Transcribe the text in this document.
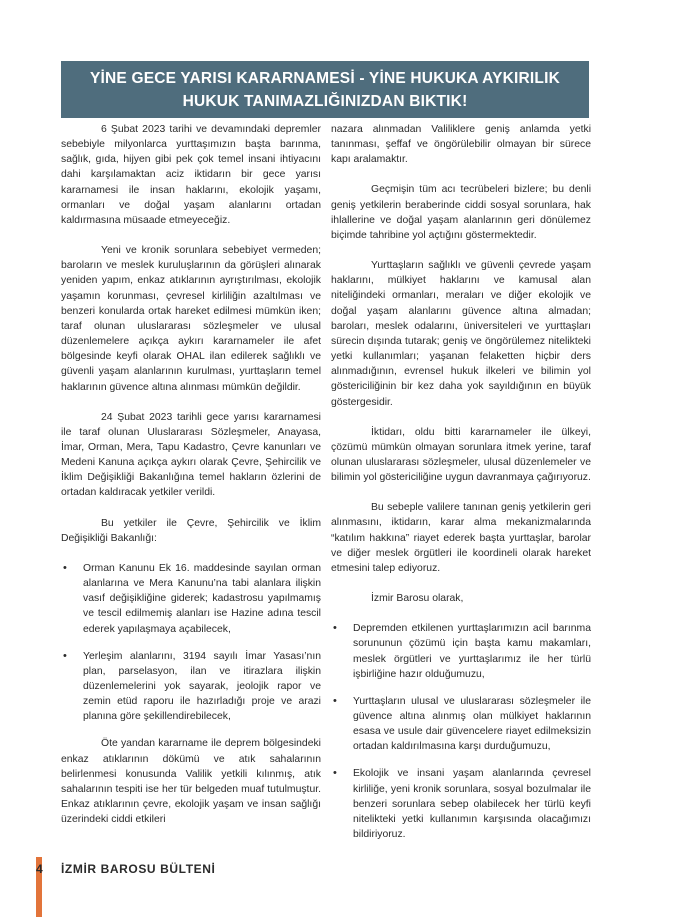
YİNE GECE YARISI KARARNAMESİ - YİNE HUKUKA AYKIRILIK
HUKUK TANIMAZLIĞINIZDAN BIKTIK!

6 Şubat 2023 tarihi ve devamındaki depremler sebebiyle milyonlarca yurttaşımızın başta barınma, sağlık, gıda, hijyen gibi pek çok temel insani ihtiyacını dahi karşılamaktan aciz iktidarın bir gece yarısı kararnamesi ile insan haklarını, ekolojik yaşamı, ormanları ve doğal yaşam alanlarını ortadan kaldırmasına müsaade etmeyeceğiz.

Yeni ve kronik sorunlara sebebiyet vermeden; baroların ve meslek kuruluşlarının da görüşleri alınarak yeniden yapım, enkaz atıklarının ayrıştırılması, ekolojik yaşamın korunması, çevresel kirliliğin azaltılması ve benzeri konularda ortak hareket edilmesi mümkün iken; taraf olunan uluslararası sözleşmeler ve ulusal düzenlemelere açıkça aykırı kararnameler ile afet bölgesinde keyfi olarak OHAL ilan edilerek sağlıklı ve güvenli yaşam alanlarının kurulması, yurttaşların temel haklarının güvence altına alınması mümkün değildir.

24 Şubat 2023 tarihli gece yarısı kararnamesi ile taraf olunan Uluslararası Sözleşmeler, Anayasa, İmar, Orman, Mera, Tapu Kadastro, Çevre kanunları ve Medeni Kanuna açıkça aykırı olarak Çevre, Şehircilik ve İklim Değişikliği Bakanlığına temel hakların özlerini de ortadan kaldıracak yetkiler verildi.

Bu yetkiler ile Çevre, Şehircilik ve İklim Değişikliği Bakanlığı:

• Orman Kanunu Ek 16. maddesinde sayılan orman alanlarına ve Mera Kanunu’na tabi alanlara ilişkin vasıf değişikliğine giderek; kadastrosu yapılmamış ve tescil edilmemiş alanları ise Hazine adına tescil ederek yapılaşmaya açabilecek,
• Yerleşim alanlarını, 3194 sayılı İmar Yasası’nın plan, parselasyon, ilan ve itirazlara ilişkin düzenlemelerini yok sayarak, jeolojik rapor ve zemin etüd raporu ile hazırladığı proje ve arazi planına göre şekillendirebilecek,

Öte yandan kararname ile deprem bölgesindeki enkaz atıklarının dökümü ve atık sahalarının belirlenmesi konusunda Valilik yetkili kılınmış, atık sahalarının tespiti ise her tür belgeden muaf tutulmuştur. Enkaz atıklarının çevre, ekolojik yaşam ve insan sağlığı üzerindeki ciddi etkileri

nazara alınmadan Valiliklere geniş anlamda yetki tanınması, şeffaf ve öngörülebilir olmayan bir sürece kapı aralamaktır.

Geçmişin tüm acı tecrübeleri bizlere; bu denli geniş yetkilerin beraberinde ciddi sosyal sorunlara, hak ihlallerine ve doğal yaşam alanlarının geri dönülemez biçimde tahribine yol açtığını göstermektedir.

Yurttaşların sağlıklı ve güvenli çevrede yaşam haklarını, mülkiyet haklarını ve kamusal alan niteliğindeki ormanları, meraları ve diğer ekolojik ve doğal yaşam alanlarını güvence altına almadan; baroları, meslek odalarını, üniversiteleri ve yurttaşları sürecin dışında tutarak; geniş ve öngörülemez nitelikteki yetki kullanımları; yaşanan felaketten hiçbir ders alınmadığının, evrensel hukuk ilkeleri ve bilimin yol göstericiliğinin bir kez daha yok sayıldığının en büyük göstergesidir.

İktidarı, oldu bitti kararnameler ile ülkeyi, çözümü mümkün olmayan sorunlara itmek yerine, taraf olunan uluslararası sözleşmeler, ulusal düzenlemeler ve bilimin yol göstericiliğine uygun davranmaya çağırıyoruz.

Bu sebeple valilere tanınan geniş yetkilerin geri alınmasını, iktidarın, karar alma mekanizmalarında “katılım hakkına” riayet ederek başta yurttaşlar, barolar ve diğer meslek örgütleri ile koordineli olarak hareket etmesini talep ediyoruz.

İzmir Barosu olarak,

• Depremden etkilenen yurttaşlarımızın acil barınma sorununun çözümü için başta kamu makamları, meslek örgütleri ve yurttaşlarımız ile her türlü işbirliğine hazır olduğumuzu,
• Yurttaşların ulusal ve uluslararası sözleşmeler ile güvence altına alınmış olan mülkiyet haklarının esasa ve usule dair güvencelere riayet edilmeksizin ortadan kaldırılmasına karşı durduğumuzu,
• Ekolojik ve insani yaşam alanlarında çevresel kirliliğe, yeni kronik sorunlara, sosyal bozulmalar ile benzeri sorunlara sebep olabilecek her türlü keyfi nitelikteki yetki kullanımın karşısında olacağımızı bildiriyoruz.
4 İZMİR BAROSU BÜLTENİ
